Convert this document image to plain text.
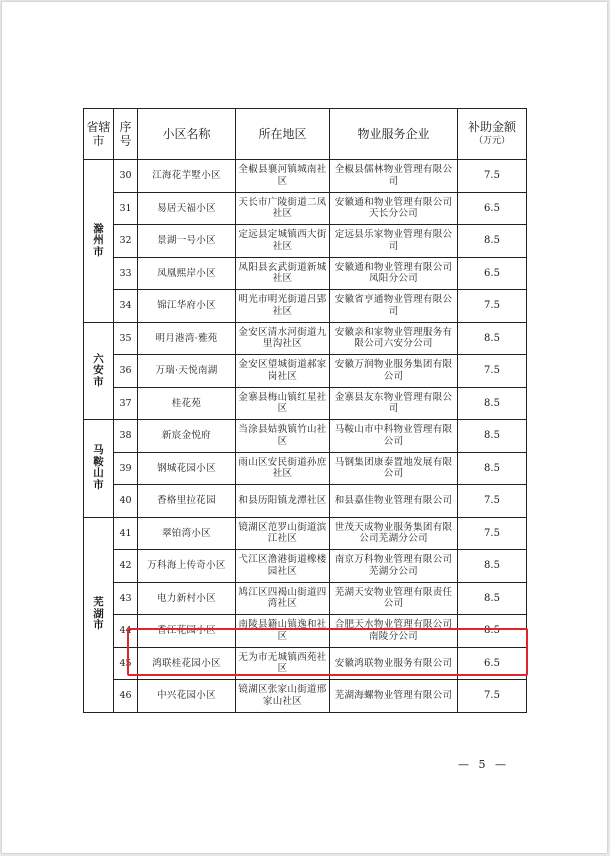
省辖市	序号	小区名称	所在地区	物业服务企业	补助金额
（万元）

滁州市	30	江海花芋墅小区	全椒县襄河镇城南社区	全椒县儒林物业管理有限公司	7.5
	31	易居天福小区	天长市广陵街道二凤社区	安徽通和物业管理有限公司天长分公司	6.5
	32	景湖一号小区	定远县定城镇西大街社区	定远县乐家物业管理有限公司	8.5
	33	凤凰熙岸小区	凤阳县玄武街道新城社区	安徽通和物业管理有限公司凤阳分公司	6.5
	34	锦江华府小区	明光市明光街道吕郢社区	安徽省亨通物业管理有限公司	7.5
六安市	35	明月港湾·雅苑	金安区清水河街道九里沟社区	安徽亲和家物业管理服务有限公司六安分公司	8.5
	36	万瑞·天悦南湖	金安区望城街道郝家岗社区	安徽万润物业服务集团有限公司	7.5
	37	桂花苑	金寨县梅山镇红星社区	金寨县友东物业管理有限公司	8.5
马鞍山市	38	新宸金悦府	当涂县姑孰镇竹山社区	马鞍山市中科物业管理有限公司	8.5
	39	钢城花园小区	雨山区安民街道孙庶社区	马钢集团康泰置地发展有限公司	8.5
	40	香格里拉花园	和县历阳镇龙潭社区	和县嘉佳物业管理有限公司	7.5
芜湖市	41	翠铂湾小区	镜湖区范罗山街道滨江社区	世茂天成物业服务集团有限公司芜湖分公司	7.5
	42	万科海上传奇小区	弋江区澛港街道橡楼园社区	南京万科物业管理有限公司芜湖分公司	8.5
	43	电力新村小区	鸠江区四褐山街道四湾社区	芜湖天安物业管理有限责任公司	8.5
	44	香江花园小区	南陵县籍山镇逸和社区	合肥天水物业管理有限公司南陵分公司	8.5
	45	鸿联桂花园小区	无为市无城镇西苑社区	安徽鸿联物业服务有限公司	6.5
	46	中兴花园小区	镜湖区张家山街道邢家山社区	芜湖海螺物业管理有限公司	7.5
— 5 —
